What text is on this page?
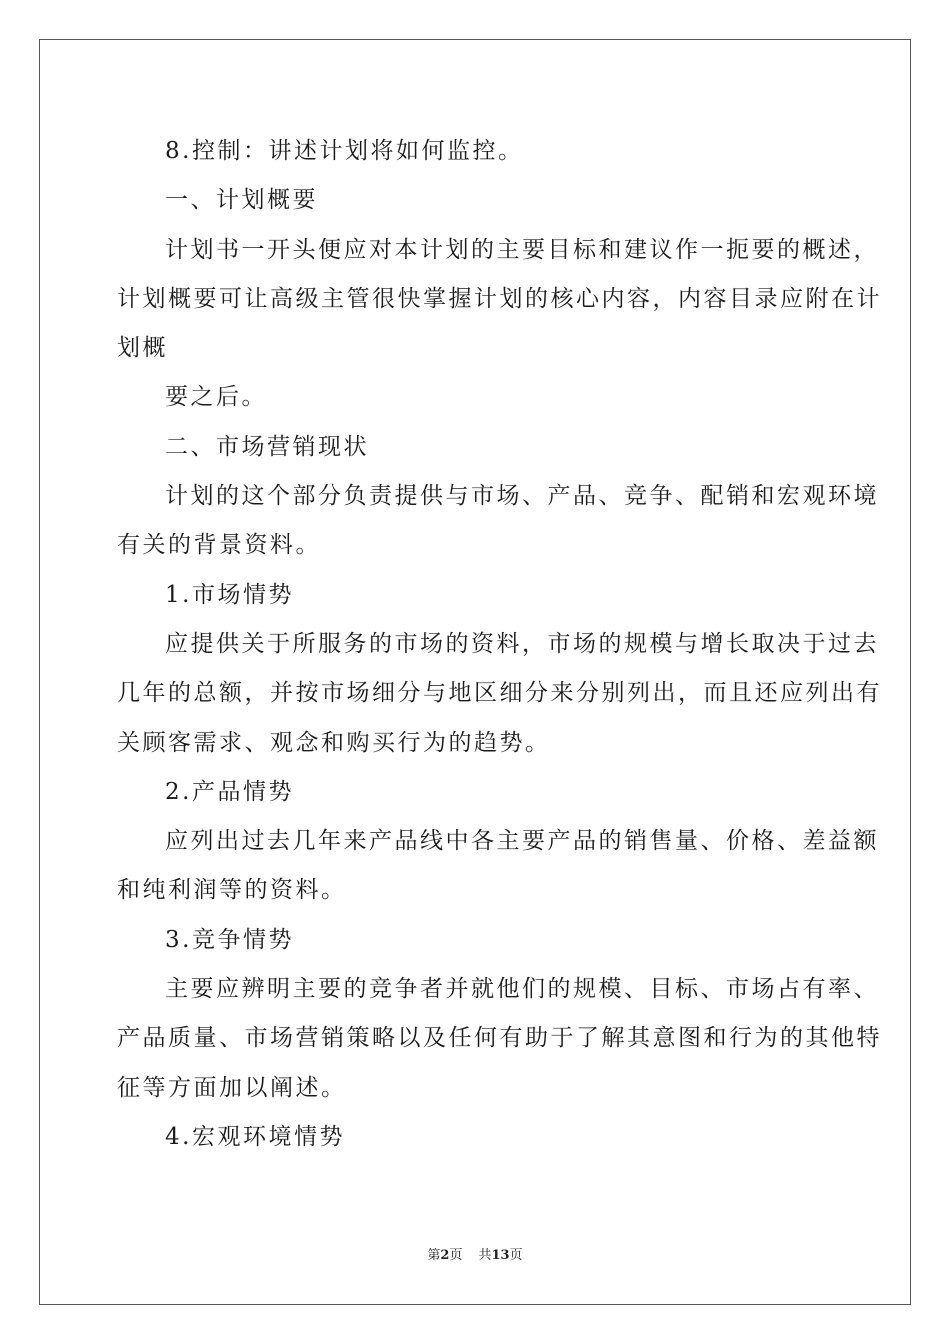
8.控制：讲述计划将如何监控。
一、计划概要
计划书一开头便应对本计划的主要目标和建议作一扼要的概述，
计划概要可让高级主管很快掌握计划的核心内容，内容目录应附在计
划概
要之后。
二、市场营销现状
计划的这个部分负责提供与市场、产品、竞争、配销和宏观环境
有关的背景资料。
1.市场情势
应提供关于所服务的市场的资料，市场的规模与增长取决于过去
几年的总额，并按市场细分与地区细分来分别列出，而且还应列出有
关顾客需求、观念和购买行为的趋势。
2.产品情势
应列出过去几年来产品线中各主要产品的销售量、价格、差益额
和纯利润等的资料。
3.竞争情势
主要应辨明主要的竞争者并就他们的规模、目标、市场占有率、
产品质量、市场营销策略以及任何有助于了解其意图和行为的其他特
征等方面加以阐述。
4.宏观环境情势
第2页 共13页
